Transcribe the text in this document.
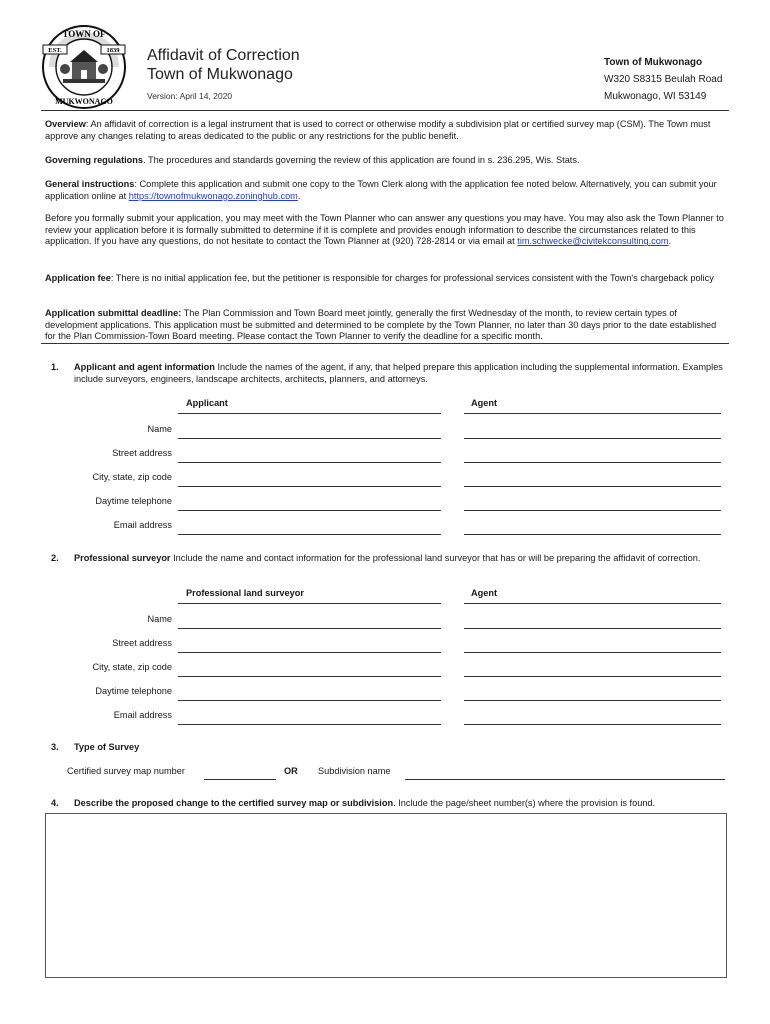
TOWN OF
MUKWONAGO
EST.	1839 Affidavit of Correction
Town of Mukwonago
Version: April 14, 2020
Town of Mukwonago
W320 S8315 Beulah Road
Mukwonago, WI 53149
Overview: An affidavit of correction is a legal instrument that is used to correct or otherwise modify a subdivision plat or certified survey map (CSM). The Town must approve any changes relating to areas dedicated to the public or any restrictions for the public benefit.
Governing regulations. The procedures and standards governing the review of this application are found in s. 236.295, Wis. Stats.
General instructions: Complete this application and submit one copy to the Town Clerk along with the application fee noted below. Alternatively, you can submit your application online at https://townofmukwonago.zoninghub.com.
Before you formally submit your application, you may meet with the Town Planner who can answer any questions you may have. You may also ask the Town Planner to review your application before it is formally submitted to determine if it is complete and provides enough information to describe the circumstances related to this application. If you have any questions, do not hesitate to contact the Town Planner at (920) 728-2814 or via email at tim.schwecke@civitekconsulting.com.
Application fee: There is no initial application fee, but the petitioner is responsible for charges for professional services consistent with the Town's chargeback policy
Application submittal deadline: The Plan Commission and Town Board meet jointly, generally the first Wednesday of the month, to review certain types of development applications. This application must be submitted and determined to be complete by the Town Planner, no later than 30 days prior to the date established for the Plan Commission-Town Board meeting. Please contact the Town Planner to verify the deadline for a specific month.
1. Applicant and agent information Include the names of the agent, if any, that helped prepare this application including the supplemental information. Examples include surveyors, engineers, landscape architects, architects, planners, and attorneys.
Applicant	Agent
Name
Street address
City, state, zip code
Daytime telephone
Email address
2. Professional surveyor Include the name and contact information for the professional land surveyor that has or will be preparing the affidavit of correction.
Professional land surveyor	Agent
Name
Street address
City, state, zip code
Daytime telephone
Email address
3. Type of Survey
Certified survey map number	OR Subdivision name
4. Describe the proposed change to the certified survey map or subdivision. Include the page/sheet number(s) where the provision is found.
